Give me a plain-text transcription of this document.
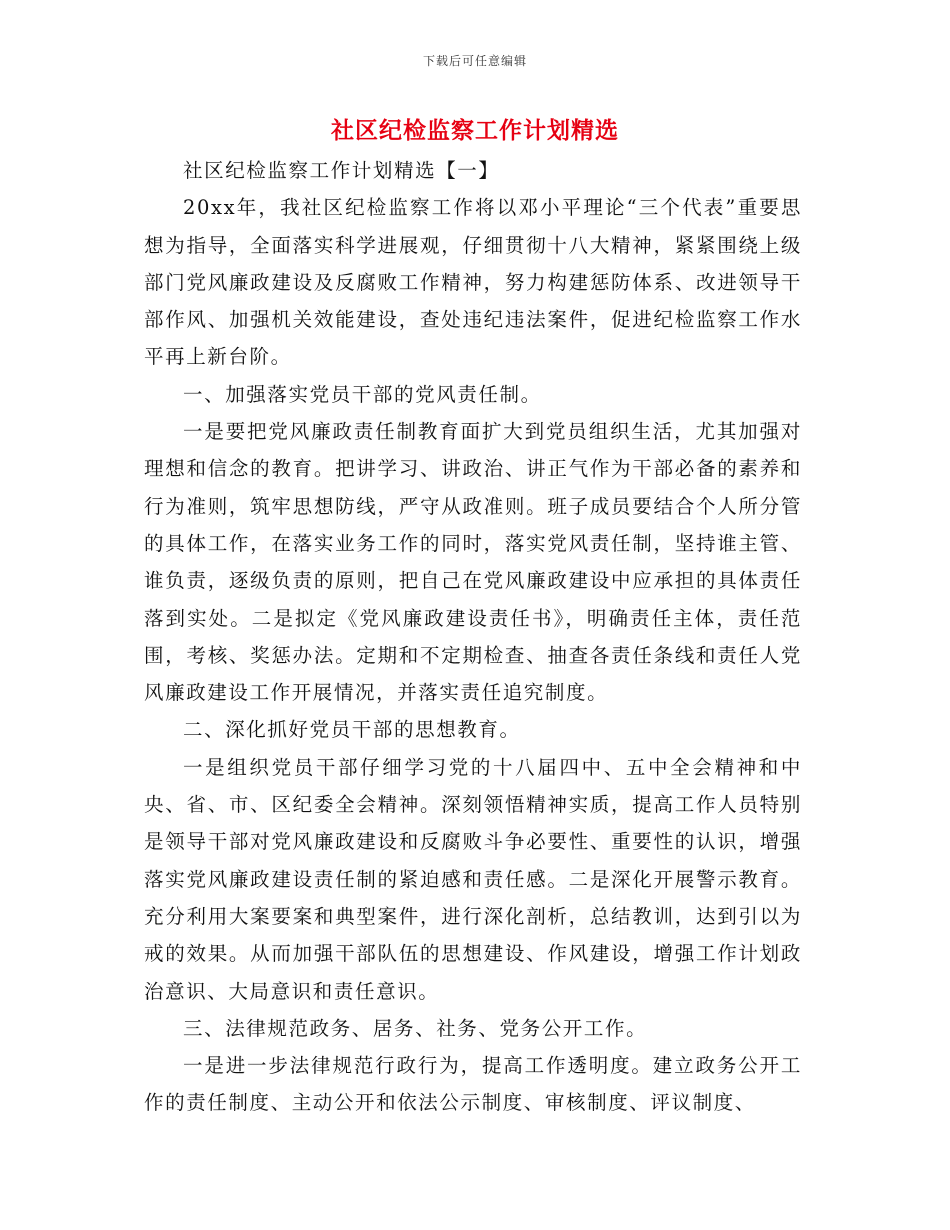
下载后可任意编辑
社区纪检监察工作计划精选

社区纪检监察工作计划精选【一】

20xx年，我社区纪检监察工作将以邓小平理论“三个代表”重要思想为指导，全面落实科学进展观，仔细贯彻十八大精神，紧紧围绕上级部门党风廉政建设及反腐败工作精神，努力构建惩防体系、改进领导干部作风、加强机关效能建设，查处违纪违法案件，促进纪检监察工作水平再上新台阶。

一、加强落实党员干部的党风责任制。

一是要把党风廉政责任制教育面扩大到党员组织生活，尤其加强对理想和信念的教育。把讲学习、讲政治、讲正气作为干部必备的素养和行为准则，筑牢思想防线，严守从政准则。班子成员要结合个人所分管的具体工作，在落实业务工作的同时，落实党风责任制，坚持谁主管、谁负责，逐级负责的原则，把自己在党风廉政建设中应承担的具体责任落到实处。二是拟定《党风廉政建设责任书》，明确责任主体，责任范围，考核、奖惩办法。定期和不定期检查、抽查各责任条线和责任人党风廉政建设工作开展情况，并落实责任追究制度。

二、深化抓好党员干部的思想教育。

一是组织党员干部仔细学习党的十八届四中、五中全会精神和中央、省、市、区纪委全会精神。深刻领悟精神实质，提高工作人员特别是领导干部对党风廉政建设和反腐败斗争必要性、重要性的认识，增强落实党风廉政建设责任制的紧迫感和责任感。二是深化开展警示教育。充分利用大案要案和典型案件，进行深化剖析，总结教训，达到引以为戒的效果。从而加强干部队伍的思想建设、作风建设，增强工作计划政治意识、大局意识和责任意识。

三、法律规范政务、居务、社务、党务公开工作。

一是进一步法律规范行政行为，提高工作透明度。建立政务公开工作的责任制度、主动公开和依法公示制度、审核制度、评议制度、
